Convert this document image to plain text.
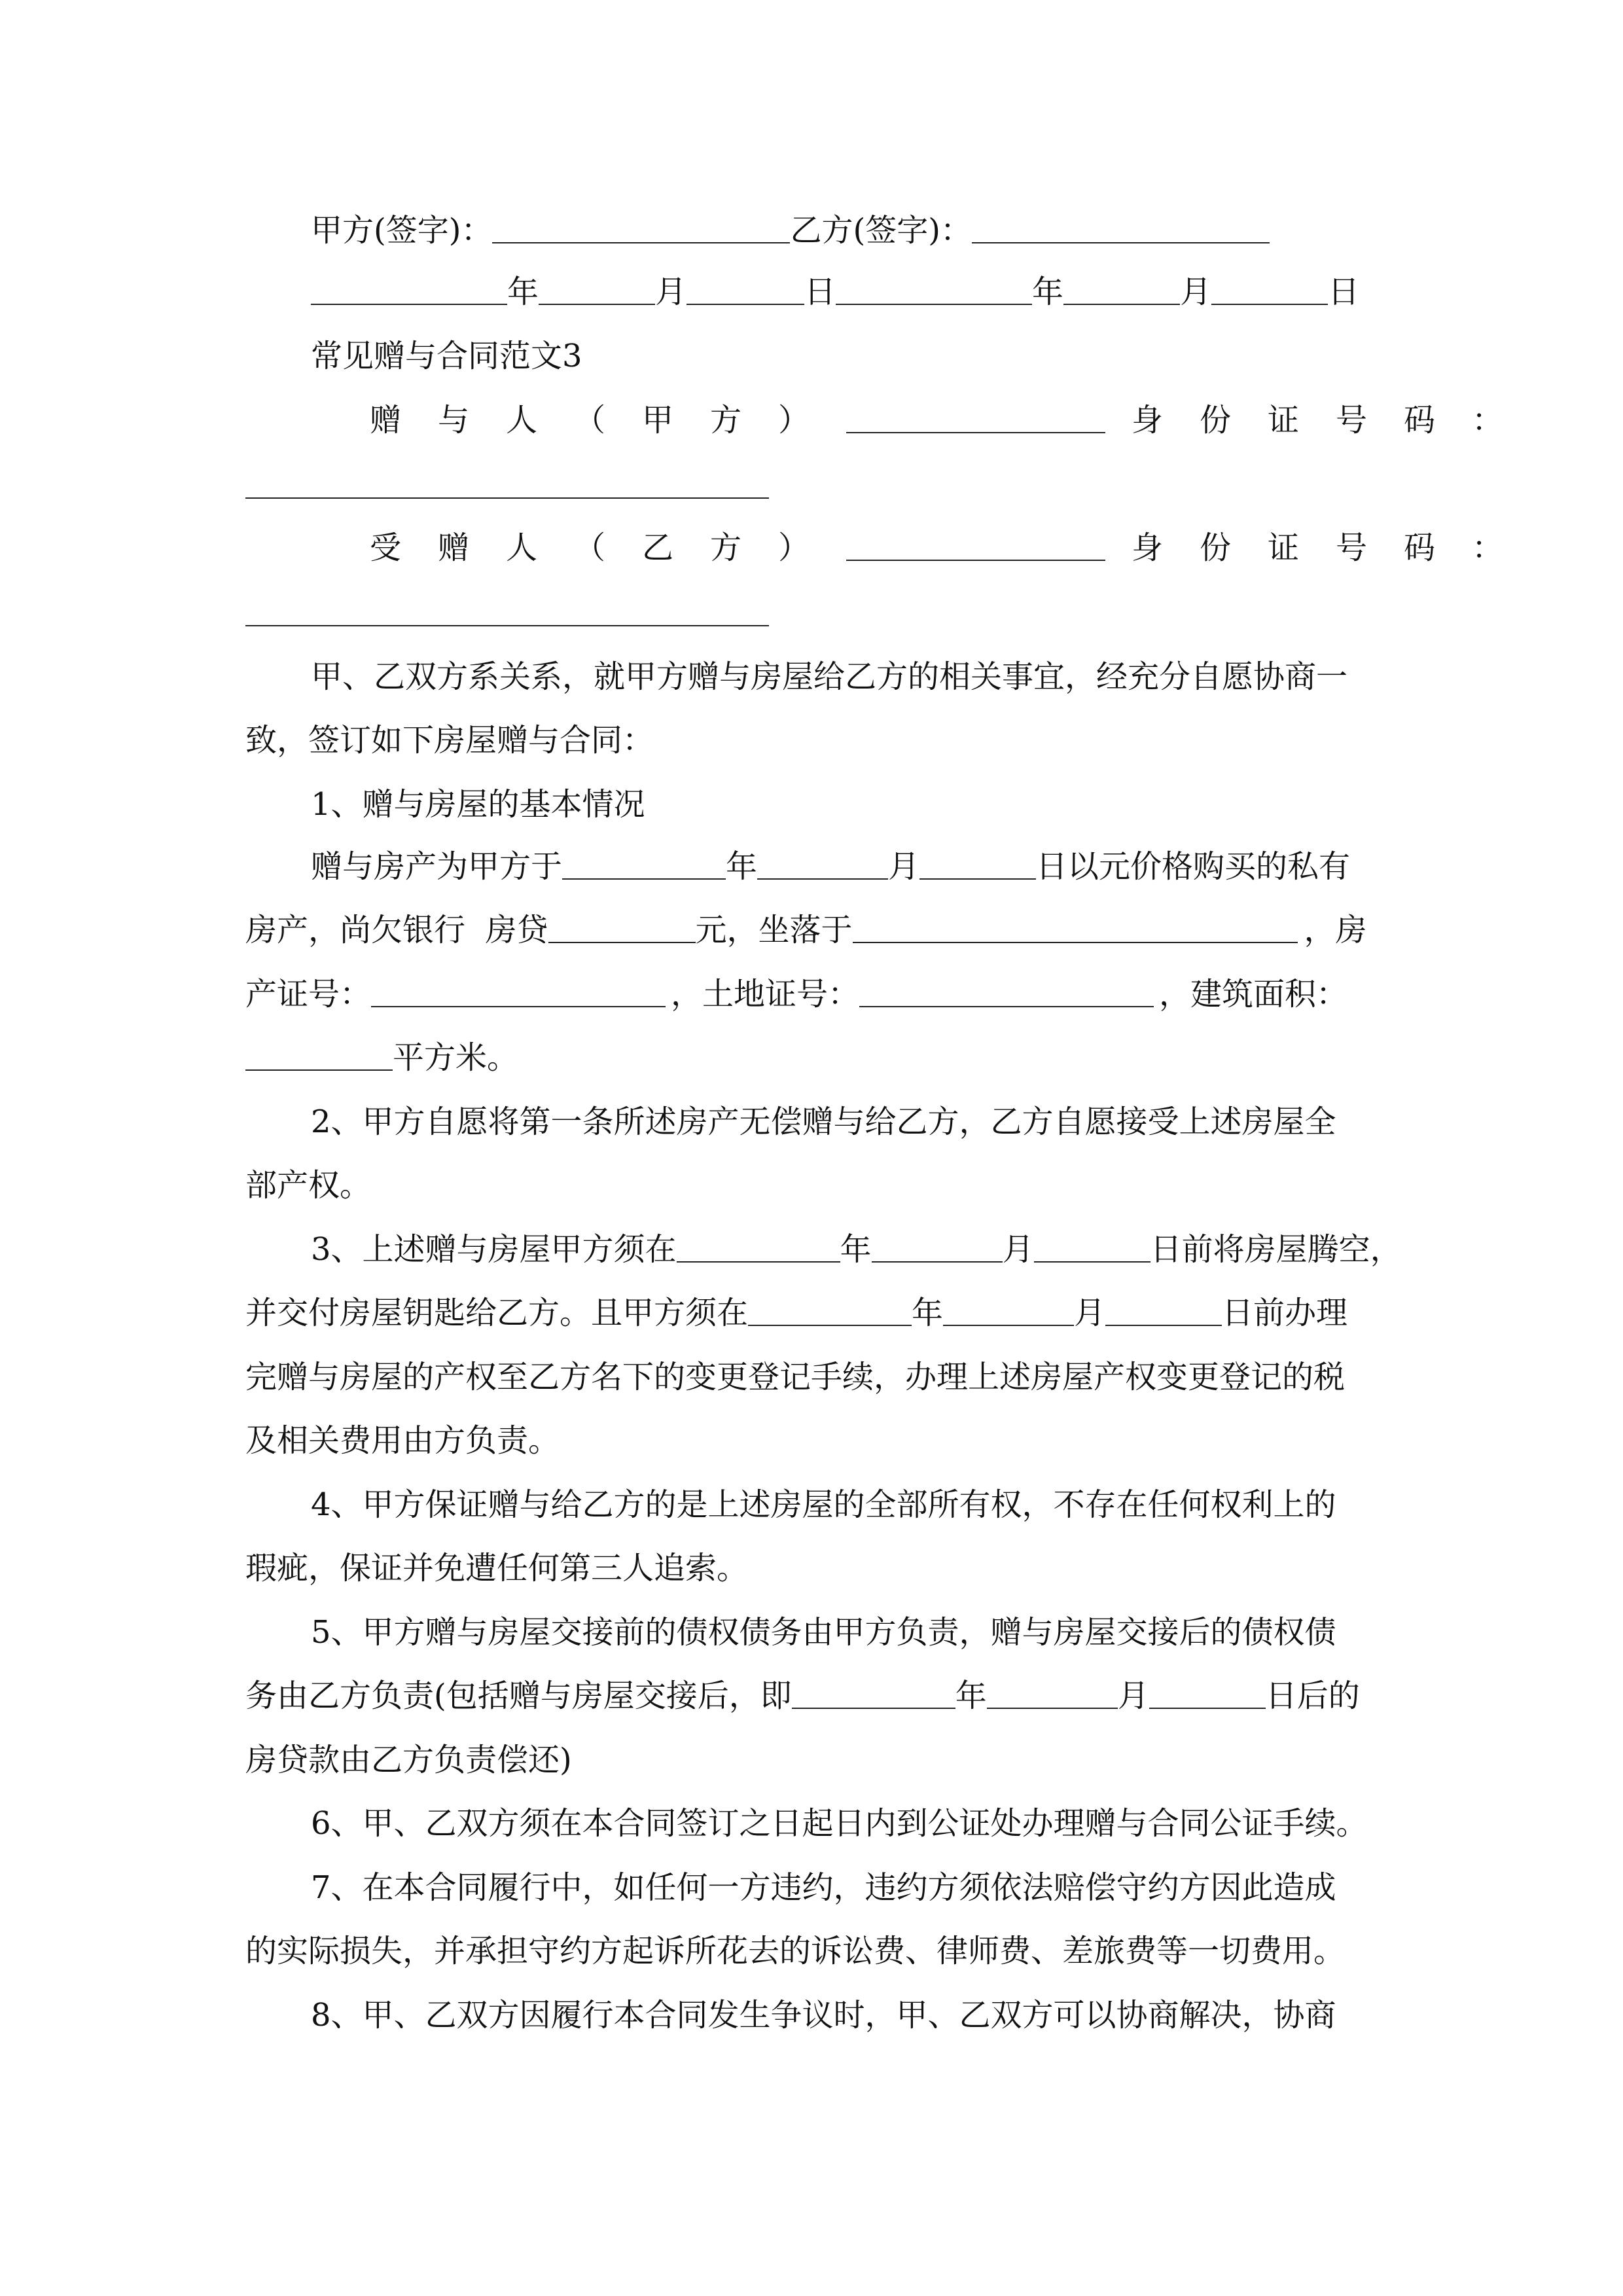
甲方(签字)：	乙方(签字)：
年	月	日	年	月	日
常见赠与合同范文3
赠与人（甲方）	身份证号码：
受赠人（乙方）	身份证号码：
甲、乙双方系关系，就甲方赠与房屋给乙方的相关事宜，经充分自愿协商一
致，签订如下房屋赠与合同：
1、赠与房屋的基本情况
赠与房产为甲方于	年	月	日以元价格购买的私有
房产，尚欠银行  房贷	元，坐落于	，房
产证号：	，土地证号：	，建筑面积：
平方米。
2、甲方自愿将第一条所述房产无偿赠与给乙方，乙方自愿接受上述房屋全
部产权。
3、上述赠与房屋甲方须在	年	月	日前将房屋腾空，
并交付房屋钥匙给乙方。且甲方须在	年	月	日前办理
完赠与房屋的产权至乙方名下的变更登记手续，办理上述房屋产权变更登记的税
及相关费用由方负责。
4、甲方保证赠与给乙方的是上述房屋的全部所有权，不存在任何权利上的
瑕疵，保证并免遭任何第三人追索。
5、甲方赠与房屋交接前的债权债务由甲方负责，赠与房屋交接后的债权债
务由乙方负责(包括赠与房屋交接后，即	年	月	日后的
房贷款由乙方负责偿还)
6、甲、乙双方须在本合同签订之日起日内到公证处办理赠与合同公证手续。
7、在本合同履行中，如任何一方违约，违约方须依法赔偿守约方因此造成
的实际损失，并承担守约方起诉所花去的诉讼费、律师费、差旅费等一切费用。
8、甲、乙双方因履行本合同发生争议时，甲、乙双方可以协商解决，协商
